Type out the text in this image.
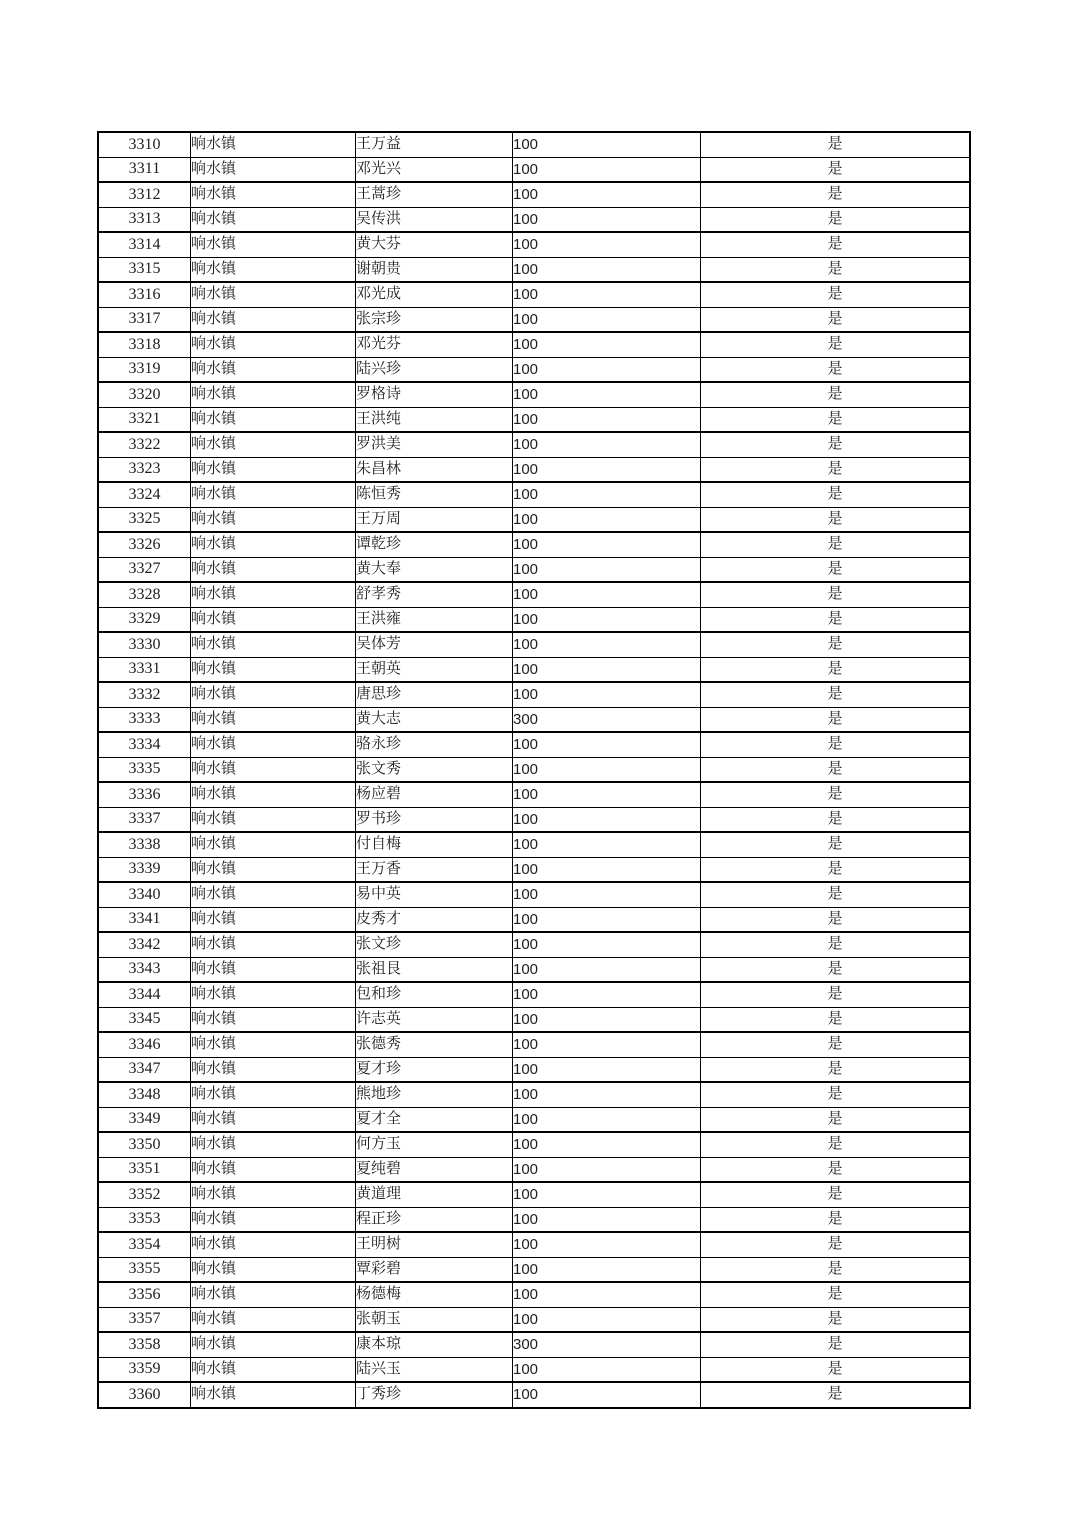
3310	响水镇	王万益	100	是
3311	响水镇	邓光兴	100	是
3312	响水镇	王蒿珍	100	是
3313	响水镇	吴传洪	100	是
3314	响水镇	黄大芬	100	是
3315	响水镇	谢朝贵	100	是
3316	响水镇	邓光成	100	是
3317	响水镇	张宗珍	100	是
3318	响水镇	邓光芬	100	是
3319	响水镇	陆兴珍	100	是
3320	响水镇	罗格诗	100	是
3321	响水镇	王洪纯	100	是
3322	响水镇	罗洪美	100	是
3323	响水镇	朱昌林	100	是
3324	响水镇	陈恒秀	100	是
3325	响水镇	王万周	100	是
3326	响水镇	谭乾珍	100	是
3327	响水镇	黄大奉	100	是
3328	响水镇	舒孝秀	100	是
3329	响水镇	王洪雍	100	是
3330	响水镇	吴体芳	100	是
3331	响水镇	王朝英	100	是
3332	响水镇	唐思珍	100	是
3333	响水镇	黄大志	300	是
3334	响水镇	骆永珍	100	是
3335	响水镇	张文秀	100	是
3336	响水镇	杨应碧	100	是
3337	响水镇	罗书珍	100	是
3338	响水镇	付自梅	100	是
3339	响水镇	王万香	100	是
3340	响水镇	易中英	100	是
3341	响水镇	皮秀才	100	是
3342	响水镇	张文珍	100	是
3343	响水镇	张祖艮	100	是
3344	响水镇	包和珍	100	是
3345	响水镇	许志英	100	是
3346	响水镇	张德秀	100	是
3347	响水镇	夏才珍	100	是
3348	响水镇	熊地珍	100	是
3349	响水镇	夏才全	100	是
3350	响水镇	何方玉	100	是
3351	响水镇	夏纯碧	100	是
3352	响水镇	黄道理	100	是
3353	响水镇	程正珍	100	是
3354	响水镇	王明树	100	是
3355	响水镇	覃彩碧	100	是
3356	响水镇	杨德梅	100	是
3357	响水镇	张朝玉	100	是
3358	响水镇	康本琼	300	是
3359	响水镇	陆兴玉	100	是
3360	响水镇	丁秀珍	100	是
